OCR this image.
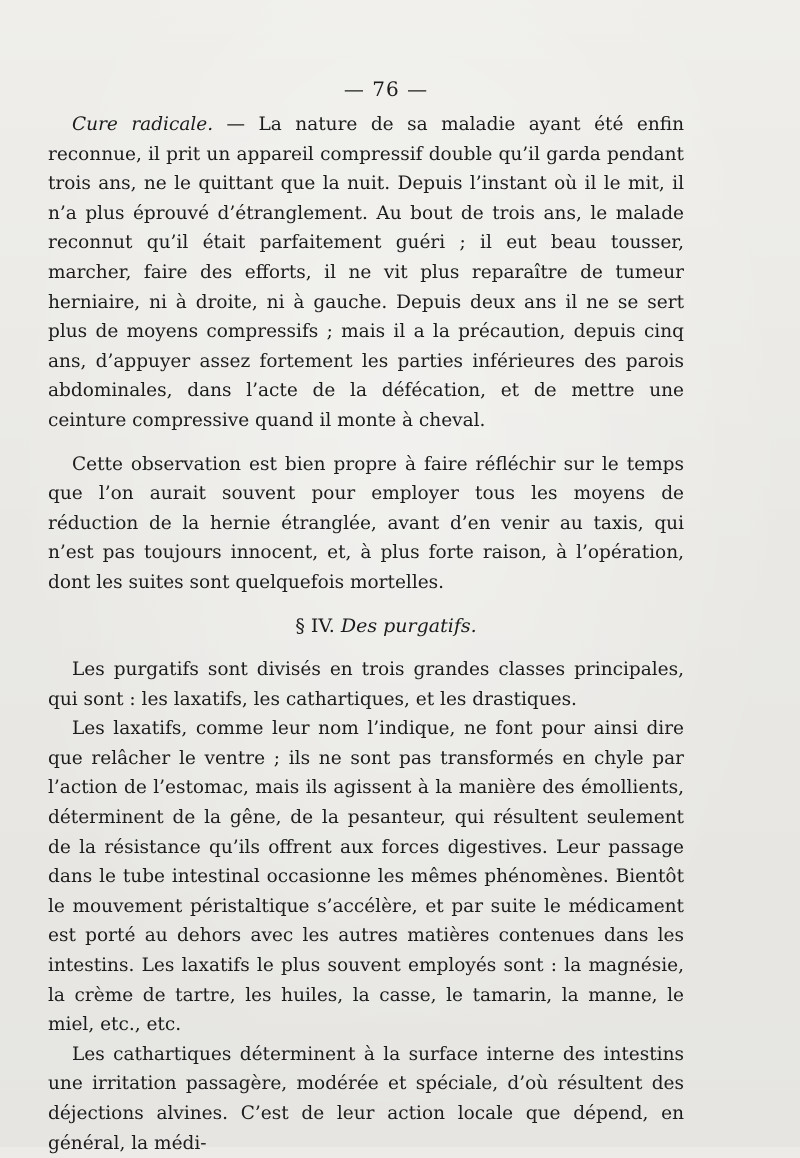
— 76 —

Cure radicale. — La nature de sa maladie ayant été enfin reconnue, il prit un appareil compressif double qu’il garda pendant trois ans, ne le quittant que la nuit. Depuis l’instant où il le mit, il n’a plus éprouvé d’étranglement. Au bout de trois ans, le malade reconnut qu’il était parfaitement guéri ; il eut beau tousser, marcher, faire des efforts, il ne vit plus reparaître de tumeur herniaire, ni à droite, ni à gauche. Depuis deux ans il ne se sert plus de moyens compressifs ; mais il a la précaution, depuis cinq ans, d’appuyer assez fortement les parties inférieures des parois abdominales, dans l’acte de la défécation, et de mettre une ceinture compressive quand il monte à cheval.

Cette observation est bien propre à faire réfléchir sur le temps que l’on aurait souvent pour employer tous les moyens de réduction de la hernie étranglée, avant d’en venir au taxis, qui n’est pas toujours innocent, et, à plus forte raison, à l’opération, dont les suites sont quelquefois mortelles.

§ IV. Des purgatifs.

Les purgatifs sont divisés en trois grandes classes principales, qui sont : les laxatifs, les cathartiques, et les drastiques.

Les laxatifs, comme leur nom l’indique, ne font pour ainsi dire que relâcher le ventre ; ils ne sont pas transformés en chyle par l’action de l’estomac, mais ils agissent à la manière des émollients, déterminent de la gêne, de la pesanteur, qui résultent seulement de la résistance qu’ils offrent aux forces digestives. Leur passage dans le tube intestinal occasionne les mêmes phénomènes. Bientôt le mouvement péristaltique s’accélère, et par suite le médicament est porté au dehors avec les autres matières contenues dans les intestins. Les laxatifs le plus souvent employés sont : la magnésie, la crème de tartre, les huiles, la casse, le tamarin, la manne, le miel, etc., etc.

Les cathartiques déterminent à la surface interne des intestins une irritation passagère, modérée et spéciale, d’où résultent des déjections alvines. C’est de leur action locale que dépend, en général, la médi-
